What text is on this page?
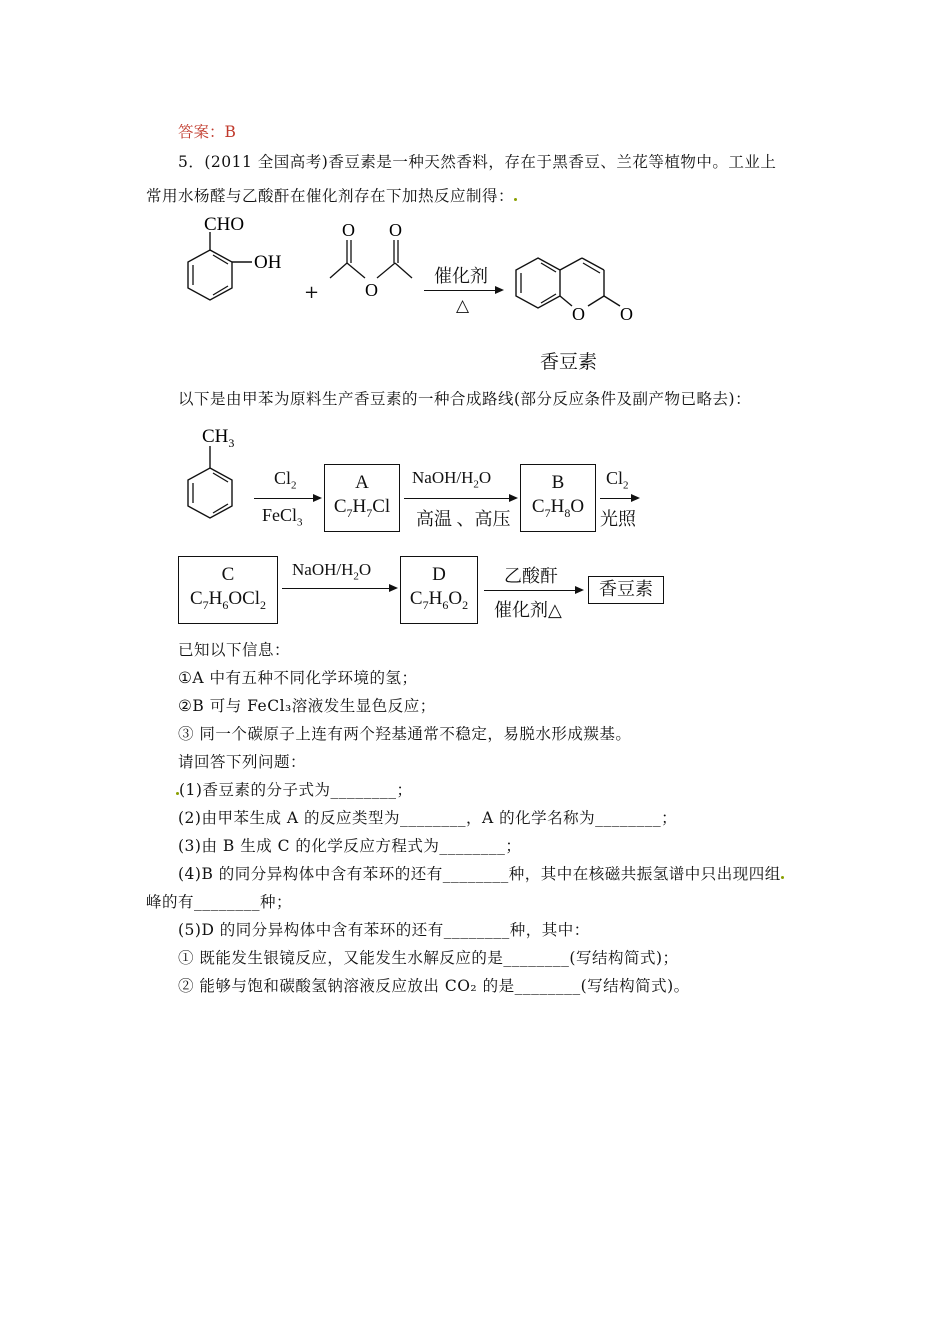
答案：B
5．(2011 全国高考)香豆素是一种天然香料，存在于黑香豆、兰花等植物中。工业上
常用水杨醛与乙酸酐在催化剂存在下加热反应制得：
CHO
OH
+
O O
O
催化剂
△	O O
香豆素
以下是由甲苯为原料生产香豆素的一种合成路线(部分反应条件及副产物已略去)：
$CH_3$
$Cl_2$
FeCl$_3$
A
$C_7H_7Cl$
NaOH/$H_2O$
高温 、高压
B
$C_7H_8O$
$Cl_2$
光照
C
$C_7H_6OCl_2$
NaOH/$H_2O$	D
$C_7H_6O_2$
乙酸酐
催化剂△
香豆素
已知以下信息：
①A 中有五种不同化学环境的氢；
②B 可与 FeCl₃溶液发生显色反应；
③ 同一个碳原子上连有两个羟基通常不稳定，易脱水形成羰基。
请回答下列问题：
(1)香豆素的分子式为________；
(2)由甲苯生成 A 的反应类型为________，A 的化学名称为________；
(3)由 B 生成 C 的化学反应方程式为________；
(4)B 的同分异构体中含有苯环的还有________种，其中在核磁共振氢谱中只出现四组
峰的有________种；
(5)D 的同分异构体中含有苯环的还有________种，其中：
① 既能发生银镜反应，又能发生水解反应的是________(写结构简式)；
② 能够与饱和碳酸氢钠溶液反应放出 CO₂ 的是________(写结构简式)。
